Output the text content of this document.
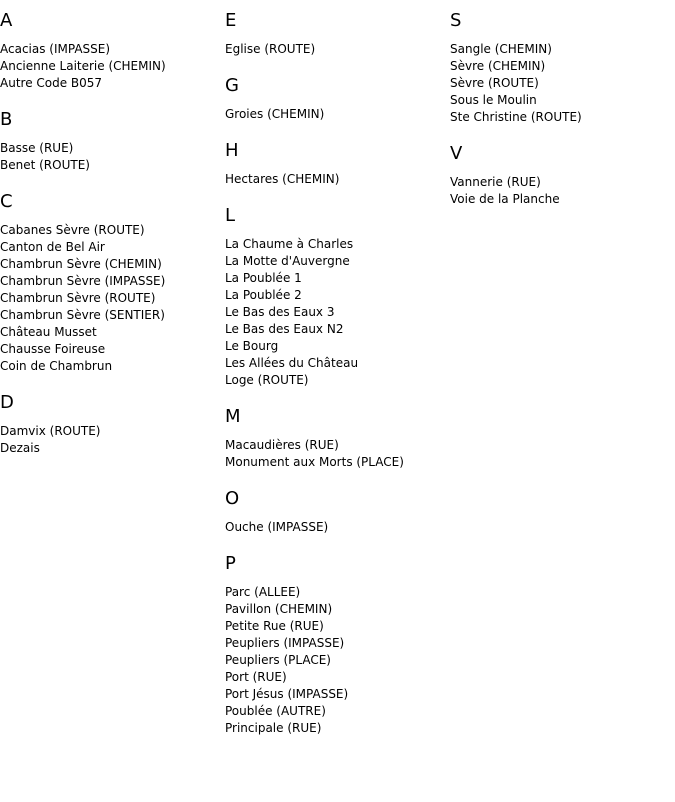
A
Acacias (IMPASSE)
Ancienne Laiterie (CHEMIN)
Autre Code B057
B
Basse (RUE)
Benet (ROUTE)
C
Cabanes Sèvre (ROUTE)
Canton de Bel Air
Chambrun Sèvre (CHEMIN)
Chambrun Sèvre (IMPASSE)
Chambrun Sèvre (ROUTE)
Chambrun Sèvre (SENTIER)
Château Musset
Chausse Foireuse
Coin de Chambrun
D
Damvix (ROUTE)
Dezais
E
Eglise (ROUTE)
G
Groies (CHEMIN)
H
Hectares (CHEMIN)
L
La Chaume à Charles
La Motte d'Auvergne
La Poublée 1
La Poublée 2
Le Bas des Eaux 3
Le Bas des Eaux N2
Le Bourg
Les Allées du Château
Loge (ROUTE)
M
Macaudières (RUE)
Monument aux Morts (PLACE)
O
Ouche (IMPASSE)
P
Parc (ALLEE)
Pavillon (CHEMIN)
Petite Rue (RUE)
Peupliers (IMPASSE)
Peupliers (PLACE)
Port (RUE)
Port Jésus (IMPASSE)
Poublée (AUTRE)
Principale (RUE)
S
Sangle (CHEMIN)
Sèvre (CHEMIN)
Sèvre (ROUTE)
Sous le Moulin
Ste Christine (ROUTE)
V
Vannerie (RUE)
Voie de la Planche
